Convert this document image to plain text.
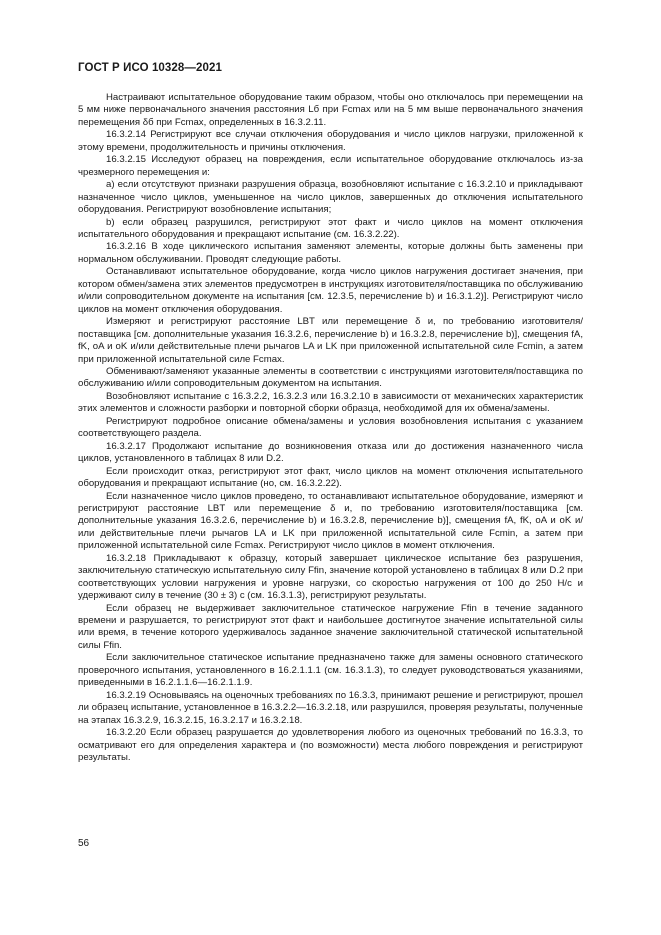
ГОСТ Р ИСО 10328—2021

Настраивают испытательное оборудование таким образом, чтобы оно отключалось при перемещении на 5 мм ниже первоначального значения расстояния Lб при Fcmax или на 5 мм выше первоначального значения перемещения δб при Fcmax, определенных в 16.3.2.11.

16.3.2.14 Регистрируют все случаи отключения оборудования и число циклов нагрузки, приложенной к этому времени, продолжительность и причины отключения.

16.3.2.15 Исследуют образец на повреждения, если испытательное оборудование отключалось из-за чрезмерного перемещения и:

а) если отсутствуют признаки разрушения образца, возобновляют испытание с 16.3.2.10 и прикладывают назначенное число циклов, уменьшенное на число циклов, завершенных до отключения испытательного оборудования. Регистрируют возобновление испытания;

b) если образец разрушился, регистрируют этот факт и число циклов на момент отключения испытательного оборудования и прекращают испытание (см. 16.3.2.22).

16.3.2.16 В ходе циклического испытания заменяют элементы, которые должны быть заменены при нормальном обслуживании. Проводят следующие работы.

Останавливают испытательное оборудование, когда число циклов нагружения достигает значения, при котором обмен/замена этих элементов предусмотрен в инструкциях изготовителя/поставщика по обслуживанию и/или сопроводительном документе на испытания [см. 12.3.5, перечисление b) и 16.3.1.2)]. Регистрируют число циклов на момент отключения оборудования.

Измеряют и регистрируют расстояние LBT или перемещение δ и, по требованию изготовителя/поставщика [см. дополнительные указания 16.3.2.6, перечисление b) и 16.3.2.8, перечисление b)], смещения fA, fK, oA и oK и/или действительные плечи рычагов LA и LK при приложенной испытательной силе Fcmin, а затем при приложенной испытательной силе Fcmax.

Обменивают/заменяют указанные элементы в соответствии с инструкциями изготовителя/поставщика по обслуживанию и/или сопроводительным документом на испытания.

Возобновляют испытание с 16.3.2.2, 16.3.2.3 или 16.3.2.10 в зависимости от механических характеристик этих элементов и сложности разборки и повторной сборки образца, необходимой для их обмена/замены.

Регистрируют подробное описание обмена/замены и условия возобновления испытания с указанием соответствующего раздела.

16.3.2.17 Продолжают испытание до возникновения отказа или до достижения назначенного числа циклов, установленного в таблицах 8 или D.2.

Если происходит отказ, регистрируют этот факт, число циклов на момент отключения испытательного оборудования и прекращают испытание (но, см. 16.3.2.22).

Если назначенное число циклов проведено, то останавливают испытательное оборудование, измеряют и регистрируют расстояние LBT или перемещение δ и, по требованию изготовителя/поставщика [см. дополнительные указания 16.3.2.6, перечисление b) и 16.3.2.8, перечисление b)], смещения fA, fK, oA и oK и/или действительные плечи рычагов LA и LK при приложенной испытательной силе Fcmin, а затем при приложенной испытательной силе Fcmax. Регистрируют число циклов в момент отключения.

16.3.2.18 Прикладывают к образцу, который завершает циклическое испытание без разрушения, заключительную статическую испытательную силу Ffin, значение которой установлено в таблицах 8 или D.2 при соответствующих условии нагружения и уровне нагрузки, со скоростью нагружения от 100 до 250 Н/с и удерживают силу в течение (30 ± 3) с (см. 16.3.1.3), регистрируют результаты.

Если образец не выдерживает заключительное статическое нагружение Ffin в течение заданного времени и разрушается, то регистрируют этот факт и наибольшее достигнутое значение испытательной силы или время, в течение которого удерживалось заданное значение заключительной статической испытательной силы Ffin.

Если заключительное статическое испытание предназначено также для замены основного статического проверочного испытания, установленного в 16.2.1.1.1 (см. 16.3.1.3), то следует руководствоваться указаниями, приведенными в 16.2.1.1.6—16.2.1.1.9.

16.3.2.19 Основываясь на оценочных требованиях по 16.3.3, принимают решение и регистрируют, прошел ли образец испытание, установленное в 16.3.2.2—16.3.2.18, или разрушился, проверяя результаты, полученные на этапах 16.3.2.9, 16.3.2.15, 16.3.2.17 и 16.3.2.18.

16.3.2.20 Если образец разрушается до удовлетворения любого из оценочных требований по 16.3.3, то осматривают его для определения характера и (по возможности) места любого повреждения и регистрируют результаты.

56
